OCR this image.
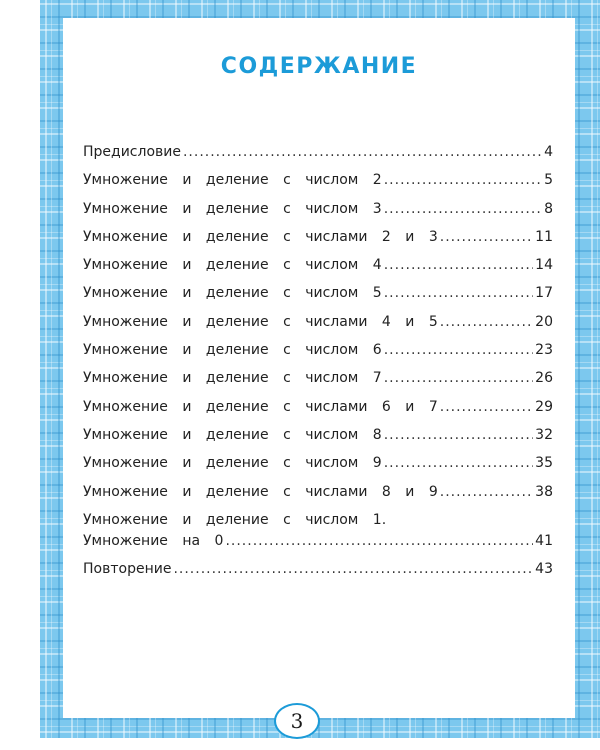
СОДЕРЖАНИЕ
Предисловие .....	4
Умножение и деление с числом 2 .....	5
Умножение и деление с числом 3 .....	8
Умножение и деление с числами 2 и 3 .....	11
Умножение и деление с числом 4 .....	14
Умножение и деление с числом 5 .....	17
Умножение и деление с числами 4 и 5 .....	20
Умножение и деление с числом 6 .....	23
Умножение и деление с числом 7 .....	26
Умножение и деление с числами 6 и 7 .....	29
Умножение и деление с числом 8 .....	32
Умножение и деление с числом 9 .....	35
Умножение и деление с числами 8 и 9 .....	38
Умножение и деление с числом 1.
Умножение на 0 .....	41
Повторение .....	43
3
